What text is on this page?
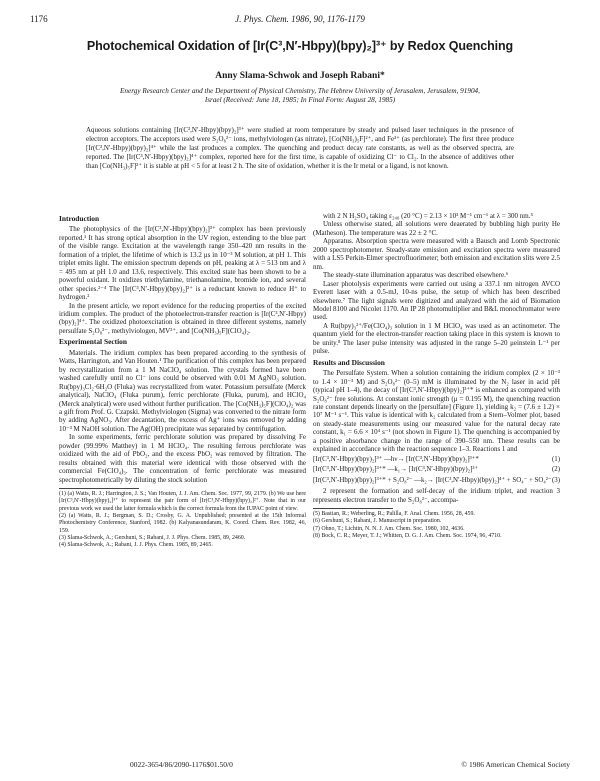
1176	J. Phys. Chem. 1986, 90, 1176-1179
Photochemical Oxidation of [Ir(C³,N′-Hbpy)(bpy)₂]³⁺ by Redox Quenching
Anny Slama-Schwok and Joseph Rabani*
Energy Research Center and the Department of Physical Chemistry, The Hebrew University of Jerusalem, Jerusalem, 91904, Israel (Received: June 18, 1985; In Final Form: August 28, 1985)
Aqueous solutions containing [Ir(C³,N′-Hbpy)(bpy)₂]³⁺ were studied at room temperature by steady and pulsed laser techniques in the presence of electron acceptors. The acceptors used were S₂O₈²⁻ ions, methylviologen (as nitrate), [Co(NH₃)₅F]²⁺, and Fe³⁺ (as perchlorate). The first three produce [Ir(C³,N′-Hbpy)(bpy)₂]⁴⁺ while the last produces a complex. The quenching and product decay rate constants, as well as the observed spectra, are reported. The [Ir(C³,N′-Hbpy)(bpy)₂]⁴⁺ complex, reported here for the first time, is capable of oxidizing Cl⁻ to Cl₂. In the absence of additives other than [Co(NH₃)₅F]²⁺ it is stable at pH < 5 for at least 2 h. The site of oxidation, whether it is the Ir metal or a ligand, is not known.
Introduction

The photophysics of the [Ir(C³,N′-Hbpy)(bpy)₂]³⁺ complex has been previously reported.¹ It has strong optical absorption in the UV region, extending to the blue part of the visible range. Excitation at the wavelength range 350–420 nm results in the formation of a triplet, the lifetime of which is 13.2 μs in 10⁻³ M solution, at pH 1. This triplet emits light. The emission spectrum depends on pH, peaking at λ = 513 nm and λ = 495 nm at pH 1.0 and 13.6, respectively. This excited state has been shown to be a powerful oxidant. It oxidizes triethylamine, triethanolamine, bromide ion, and several other species.²⁻⁴ The [Ir(C³,N′-Hbpy)(bpy)₂]²⁺ is a reductant known to reduce H⁺ to hydrogen.²

In the present article, we report evidence for the reducing properties of the excited iridium complex. The product of the photoelectron-transfer reaction is [Ir(C³,N′-Hbpy)(bpy)₂]⁴⁺. The oxidized photoexcitation is obtained in three different systems, namely persulfate S₂O₈²⁻, methylviologen, MV²⁺, and [Co(NH₃)₅F](ClO₄)₂.

Experimental Section

Materials. The iridium complex has been prepared according to the synthesis of Watts, Harrington, and Van Houten.¹ The purification of this complex has been prepared by recrystallization from a 1 M NaClO₄ solution. The crystals formed have been washed carefully until no Cl⁻ ions could be observed with 0.01 M AgNO₃ solution. Ru(bpy)₃Cl₂·6H₂O (Fluka) was recrystallized from water. Potassium persulfate (Merck analytical), NaClO₄ (Fluka purum), ferric perchlorate (Fluka, purum), and HClO₄ (Merck analytical) were used without further purification. The [Co(NH₃)₅F](ClO₄)₂ was a gift from Prof. G. Czapski. Methylviologen (Sigma) was converted to the nitrate form by adding AgNO₃. After decantation, the excess of Ag⁺ ions was removed by adding 10⁻³ M NaOH solution. The Ag(OH) precipitate was separated by centrifugation.

In some experiments, ferric perchlorate solution was prepared by dissolving Fe powder (99.99% Matthey) in 1 M HClO₄. The resulting ferrous perchlorate was oxidized with the aid of PbO₂, and the excess PbO₂ was removed by filtration. The results obtained with this material were identical with those observed with the commercial Fe(ClO₄)₃. The concentration of ferric perchlorate was measured spectrophotometrically by diluting the stock solution

(1) (a) Watts, R. J.; Harrington, J. S.; Van Houten, J. J. Am. Chem. Soc. 1977, 99, 2179. (b) We use here [Ir(C³,N′-Hbpy)(bpy)₂]³⁺ to represent the pair form of [Ir(C³,N′-Hbpy)(bpy)₂]²⁺. Note that in our previous work we used the latter formula which is the correct formula from the IUPAC point of view.

(2) (a) Watts, R. J.; Bergman, S. D.; Crosby, G. A. Unpublished; presented at the 15th Informal Photochemistry Conference, Stanford, 1982. (b) Kalyanasundaram, K. Coord. Chem. Rev. 1982, 46, 159.

(3) Slama-Schwok, A.; Gershuni, S.; Rabani, J. J. Phys. Chem. 1985, 89, 2460.

(4) Slama-Schwok, A.; Rabani, J. J. Phys. Chem. 1985, 89, 2465.

with 2 N H₂SO₄ taking ε₂₄₀ (20 °C) = 2.13 × 10³ M⁻¹ cm⁻¹ at λ = 300 nm.⁵

Unless otherwise stated, all solutions were deaerated by bubbling high purity He (Matheson). The temperature was 22 ± 2 °C.

Apparatus. Absorption spectra were measured with a Bausch and Lomb Spectronic 2000 spectrophotometer. Steady-state emission and excitation spectra were measured with a LS5 Perkin-Elmer spectrofluorimeter; both emission and excitation slits were 2.5 nm.

The steady-state illumination apparatus was described elsewhere.⁶

Laser photolysis experiments were carried out using a 337.1 nm nitrogen AVCO Everett laser with a 0.5-mJ, 10-ns pulse, the setup of which has been described elsewhere.⁷ The light signals were digitized and analyzed with the aid of Biomation Model 8100 and Nicolet 1170. An IP 28 photomultiplier and B&L monochromator were used.

A Ru(bpy)₃²⁺/Fe(ClO₄)₃ solution in 1 M HClO₄ was used as an actinometer. The quantum yield for the electron-transfer reaction taking place in this system is known to be unity.⁸ The laser pulse intensity was adjusted in the range 5–20 μeinstein L⁻¹ per pulse.

Results and Discussion

The Persulfate System. When a solution containing the iridium complex (2 × 10⁻³ to 1.4 × 10⁻³ M) and S₂O₈²⁻ (0–5) mM is illuminated by the N₂ laser in acid pH (typical pH 1–4), the decay of [Ir(C³,N′-Hbpy)(bpy)₂]³⁺* is enhanced as compared with S₂O₈²⁻ free solutions. At constant ionic strength (μ = 0.195 M), the quenching reaction rate constant depends linearly on the [persulfate] (Figure 1), yielding k₂ = (7.6 ± 1.2) × 10⁷ M⁻¹ s⁻¹. This value is identical with k₂ calculated from a Stern–Volmer plot, based on steady-state measurements using our measured value for the natural decay rate constant, k₁ = 6.6 × 10⁴ s⁻¹ (not shown in Figure 1). The quenching is accompanied by a positive absorbance change in the range of 390–550 nm. These results can be explained in accordance with the reaction sequence 1–3. Reactions 1 and

[Ir(C³,N′-Hbpy)(bpy)₂]³⁺ —hν→ [Ir(C³,N′-Hbpy)(bpy)₂]³⁺*	(1)

[Ir(C³,N′-Hbpy)(bpy)₂]³⁺* —k₁→ [Ir(C³,N′-Hbpy)(bpy)₂]³⁺	(2)

[Ir(C³,N′-Hbpy)(bpy)₂]³⁺* + S₂O₈²⁻ —k₂→ [Ir(C³,N′-Hbpy)(bpy)₂]⁴⁺ + SO₄⁻ + SO₄²⁻ (3)

2 represent the formation and self-decay of the iridium triplet, and reaction 3 represents electron transfer to the S₂O₈²⁻, accompa-

(5) Bastian, R.; Weberling, R.; Palilla, F. Anal. Chem. 1956, 28, 459.

(6) Gershuni, S.; Rabani, J. Manuscript in preparation.

(7) Ohno, T.; Lichtin, N. N. J. Am. Chem. Soc. 1980, 102, 4636.

(8) Bock, C. R.; Meyer, T. J.; Whitten, D. G. J. Am. Chem. Soc. 1974, 96, 4710.

0022-3654/86/2090-1176$01.50/0	© 1986 American Chemical Society
